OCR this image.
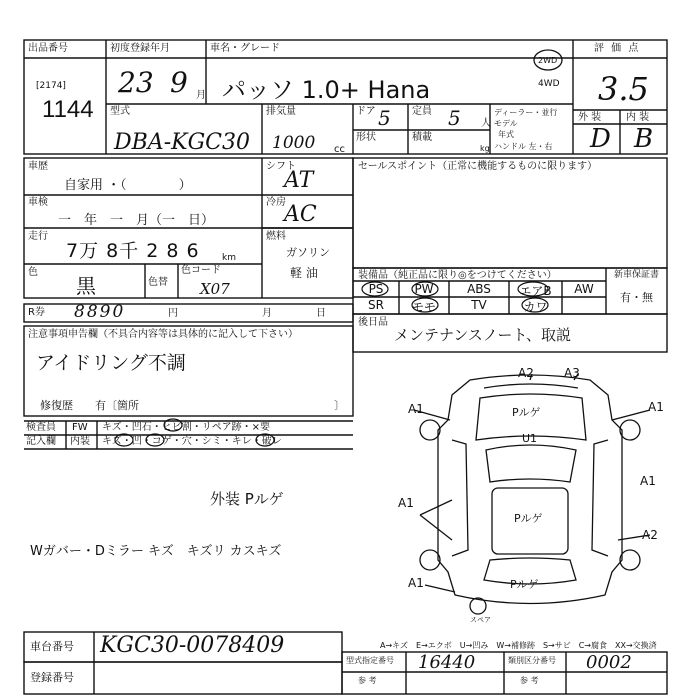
出品番号
[2174]
1144
初度登録年月
23 9 月
車名・グレード
パッソ 1.0+ Hana
2WD
4WD
評 価 点
3.5
型式
DBA-KGC30
排気量
1000 cc
ドア 5
形状
定員 5 人
積載
kg
ディーラー・並行
モデル
年式
ハンドル 左・右
外 装 内 装
D B
車歴
自家用 ・（　　　　）
車検
一　年　一　月（一　日）
走行
7万 8千 2 8 6 km
色
黒	色替
色コード
X07
シフト
AT
冷房
AC
燃料
ガソリン
軽 油
R券 8890	円	月	日
セールスポイント（正常に機能するものに限ります）
装備品（純正品に限り◎をつけてください）	新車保証書
有・無
PS	PW	ABS	エアB	AW
SR	モモ	TV	カワ
後日品
メンテナンスノート、取説
注意事項申告欄（不具合内容等は具体的に記入して下さい）
アイドリング不調
修復歴　　有〔箇所	〕
検査員
記入欄
FW
内装
キズ・凹石・ヒビ割・リペア跡・×要
キズ・凹・コゲ・穴・シミ・キレ・破レ
外装 Pルゲ
Wガバー・Dミラー キズ　キズリ カスキズ
A2	A3
A1	A1
A1
A1
A2
A1
Pルゲ
U1
Pルゲ
Pルゲ
スペア
A→キズ　E→エクボ　U→凹み　W→補修跡　S→サビ　C→腐食　XX→交換済
車台番号 KGC30-0078409
登録番号
型式指定番号
参 考
16440	類別区分番号
参 考
0002
